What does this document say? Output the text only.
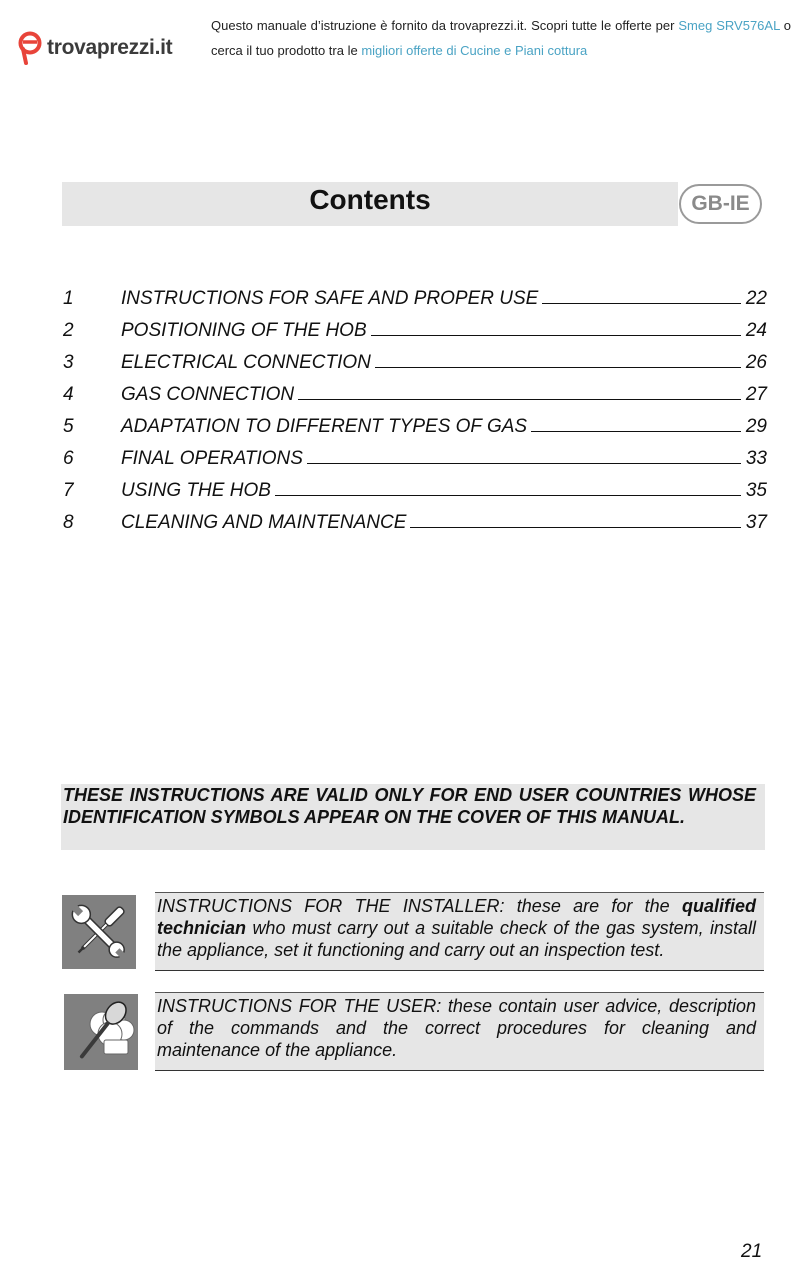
trovaprezzi.it
Questo manuale d’istruzione è fornito da trovaprezzi.it. Scopri tutte le offerte per Smeg SRV576AL o
cerca il tuo prodotto tra le migliori offerte di Cucine e Piani cottura
Contents	GB-IE
1	INSTRUCTIONS FOR SAFE AND PROPER USE	22
2	POSITIONING OF THE HOB	24
3	ELECTRICAL CONNECTION	26
4	GAS CONNECTION	27
5	ADAPTATION TO DIFFERENT TYPES OF GAS	29
6	FINAL OPERATIONS	33
7	USING THE HOB	35
8	CLEANING AND MAINTENANCE	37

THESE INSTRUCTIONS ARE VALID ONLY FOR END USER COUNTRIES WHOSE IDENTIFICATION SYMBOLS APPEAR ON THE COVER OF THIS MANUAL.

INSTRUCTIONS FOR THE INSTALLER: these are for the qualified technician who must carry out a suitable check of the gas system, install the appliance, set it functioning and carry out an inspection test.

INSTRUCTIONS FOR THE USER: these contain user advice, description of the commands and the correct procedures for cleaning and maintenance of the appliance.

21
